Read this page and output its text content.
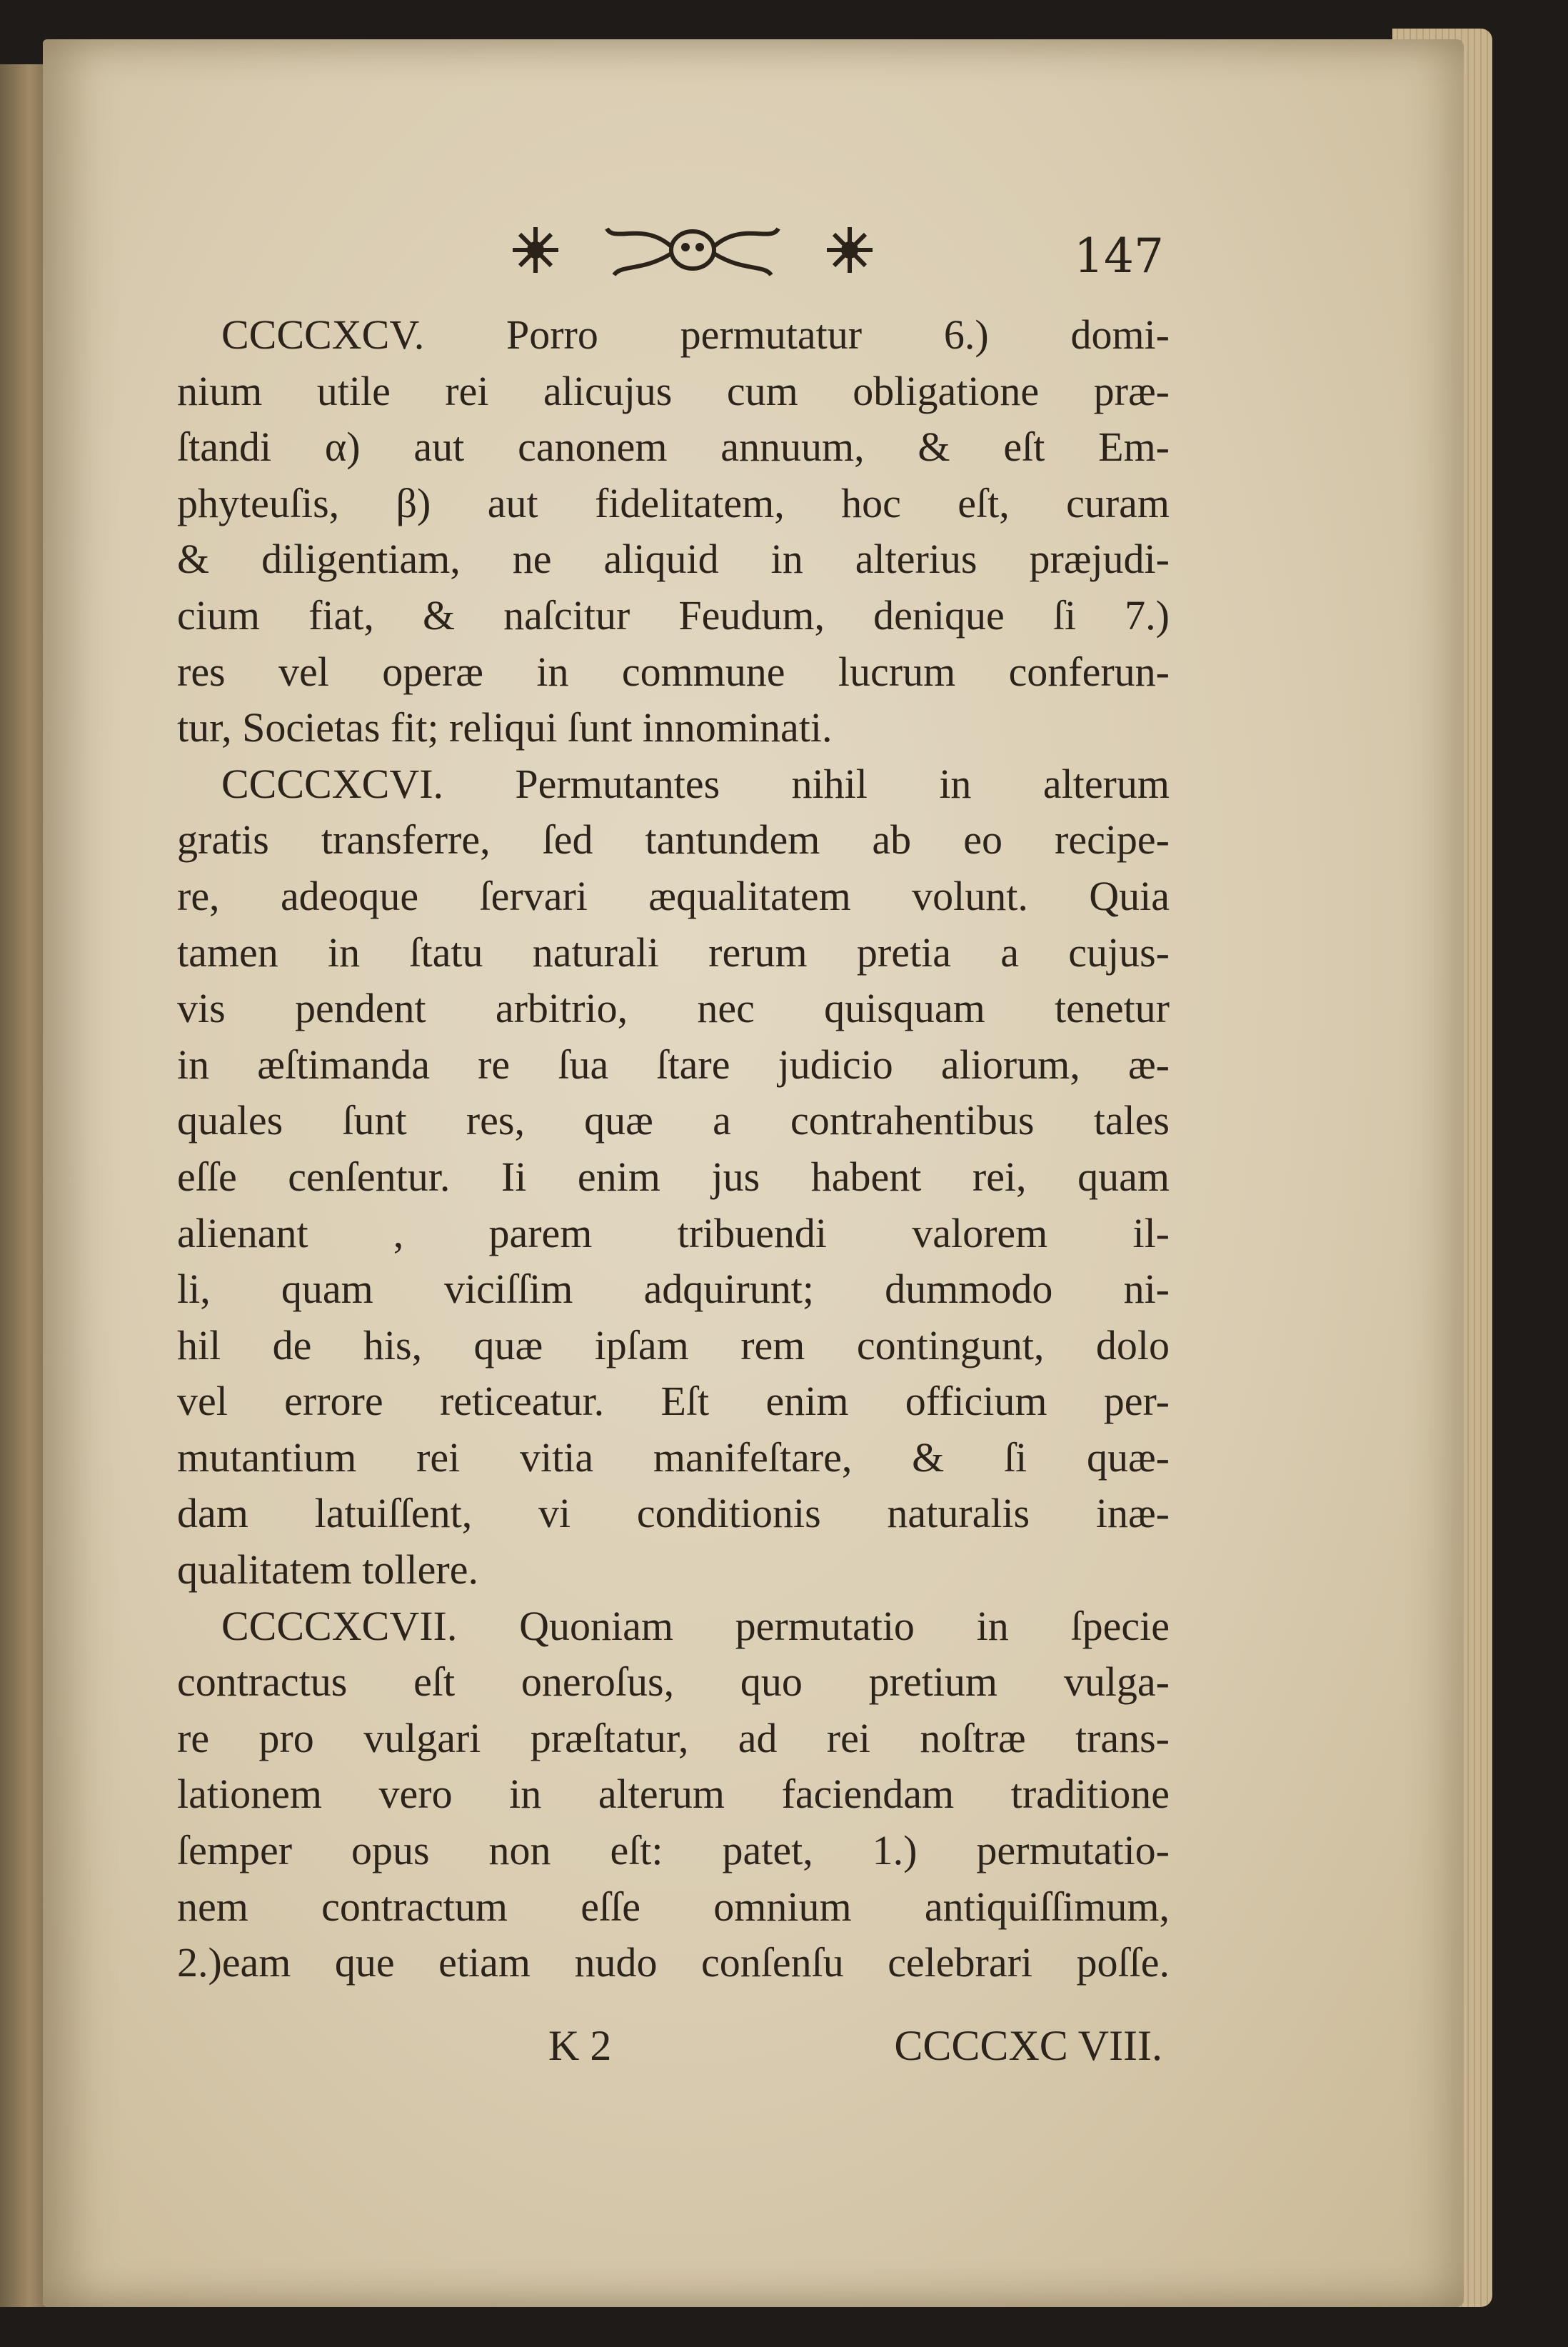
147
CCCCXCV. Porro permutatur 6.) domi-
nium utile rei alicujus cum obligatione præ-
ſtandi α) aut canonem annuum, & eſt Em-
phyteuſis, β) aut fidelitatem, hoc eſt, curam
& diligentiam, ne aliquid in alterius præjudi-
cium fiat, & naſcitur Feudum, denique ſi 7.)
res vel operæ in commune lucrum conferun-
tur, Societas fit; reliqui ſunt innominati.
CCCCXCVI. Permutantes nihil in alterum
gratis transferre, ſed tantundem ab eo recipe-
re, adeoque ſervari æqualitatem volunt. Quia
tamen in ſtatu naturali rerum pretia a cujus-
vis pendent arbitrio, nec quisquam tenetur
in æſtimanda re ſua ſtare judicio aliorum, æ-
quales ſunt res, quæ a contrahentibus tales
eſſe cenſentur. Ii enim jus habent rei, quam
alienant , parem tribuendi valorem il-
li, quam viciſſim adquirunt; dummodo ni-
hil de his, quæ ipſam rem contingunt, dolo
vel errore reticeatur. Eſt enim officium per-
mutantium rei vitia manifeſtare, & ſi quæ-
dam latuiſſent, vi conditionis naturalis inæ-
qualitatem tollere.
CCCCXCVII. Quoniam permutatio in ſpecie
contractus eſt oneroſus, quo pretium vulga-
re pro vulgari præſtatur, ad rei noſtræ trans-
lationem vero in alterum faciendam traditione
ſemper opus non eſt: patet, 1.) permutatio-
nem contractum eſſe omnium antiquiſſimum,
2.)eam que etiam nudo conſenſu celebrari poſſe.
K 2	CCCCXC VIII.
